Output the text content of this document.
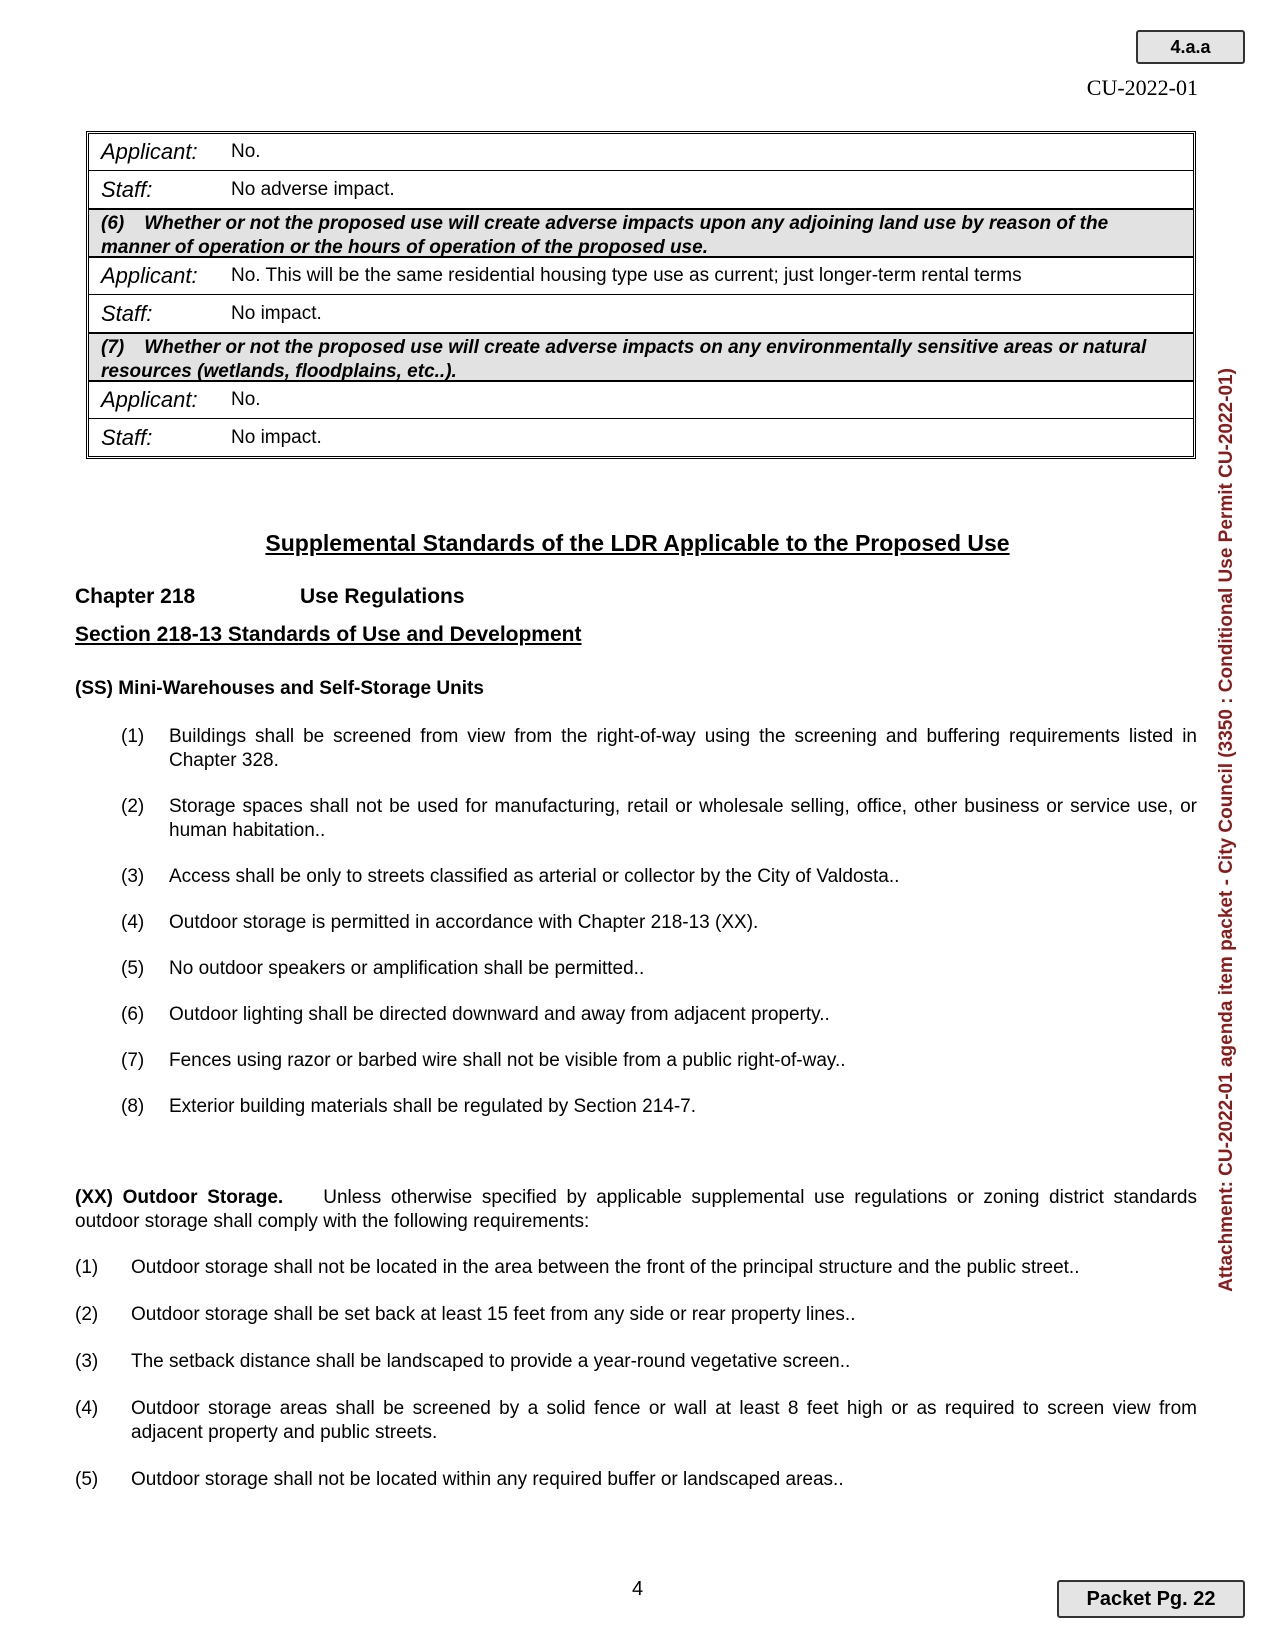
4.a.a
CU-2022-01
Applicant:	No.
Staff:	No adverse impact.
(6) Whether or not the proposed use will create adverse impacts upon any adjoining land use by reason of the manner of operation or the hours of operation of the proposed use.
Applicant:	No. This will be the same residential housing type use as current; just longer-term rental terms
Staff:	No impact.
(7) Whether or not the proposed use will create adverse impacts on any environmentally sensitive areas or natural resources (wetlands, floodplains, etc..).
Applicant:	No.
Staff:	No impact.
Supplemental Standards of the LDR Applicable to the Proposed Use
Chapter 218	Use Regulations
Section 218-13 Standards of Use and Development
(SS) Mini-Warehouses and Self-Storage Units
(1) Buildings shall be screened from view from the right-of-way using the screening and buffering requirements listed in Chapter 328.
(2) Storage spaces shall not be used for manufacturing, retail or wholesale selling, office, other business or service use, or human habitation..
(3) Access shall be only to streets classified as arterial or collector by the City of Valdosta..
(4) Outdoor storage is permitted in accordance with Chapter 218-13 (XX).
(5) No outdoor speakers or amplification shall be permitted..
(6) Outdoor lighting shall be directed downward and away from adjacent property..
(7) Fences using razor or barbed wire shall not be visible from a public right-of-way..
(8) Exterior building materials shall be regulated by Section 214-7.
(XX) Outdoor Storage. Unless otherwise specified by applicable supplemental use regulations or zoning district standards outdoor storage shall comply with the following requirements:
(1) Outdoor storage shall not be located in the area between the front of the principal structure and the public street..
(2) Outdoor storage shall be set back at least 15 feet from any side or rear property lines..
(3) The setback distance shall be landscaped to provide a year-round vegetative screen..
(4) Outdoor storage areas shall be screened by a solid fence or wall at least 8 feet high or as required to screen view from adjacent property and public streets.
(5) Outdoor storage shall not be located within any required buffer or landscaped areas..
4	Packet Pg. 22
Attachment: CU-2022-01 agenda item packet - City Council (3350 : Conditional Use Permit CU-2022-01)
